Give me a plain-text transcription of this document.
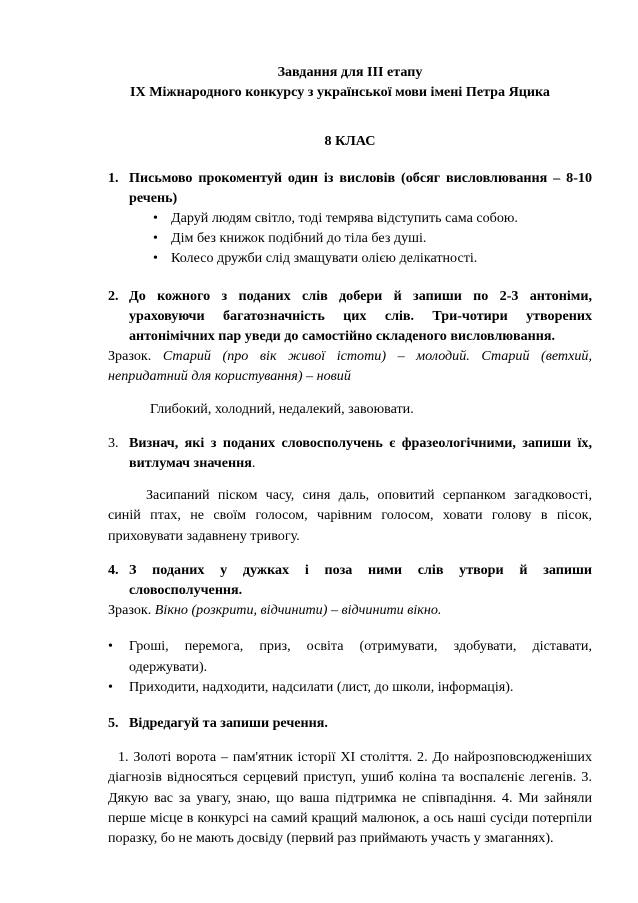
Завдання для ІІІ етапу
ІХ Міжнародного конкурсу з української мови імені Петра Яцика
8 КЛАС
1. Письмово прокоментуй один із висловів (обсяг висловлювання – 8-10 речень)
• Даруй людям світло, тоді темрява відступить сама собою.
• Дім без книжок подібний до тіла без душі.
• Колесо дружби слід змащувати олією делікатності.
2. До кожного з поданих слів добери й запиши по 2-3 антоніми, ураховуючи багатозначність цих слів. Три-чотири утворених антонімічних пар уведи до самостійно складеного висловлювання.
Зразок. Старий (про вік живої істоти) – молодий. Старий (ветхий, непридатний для користування) – новий
Глибокий, холодний, недалекий, завоювати.
3. Визнач, які з поданих словосполучень є фразеологічними, запиши їх, витлумач значення.
Засипаний піском часу, синя даль, оповитий серпанком загадковості, синій птах, не своїм голосом, чарівним голосом, ховати голову в пісок, приховувати задавнену тривогу.
4. З поданих у дужках і поза ними слів утвори й запиши словосполучення.
Зразок. Вікно (розкрити, відчинити) – відчинити вікно.
• Гроші, перемога, приз, освіта (отримувати, здобувати, діставати, одержувати).
• Приходити, надходити, надсилати (лист, до школи, інформація).
5. Відредагуй та запиши речення.
1. Золоті ворота – пам'ятник історії ХІ століття. 2. До найрозповсюдженіших діагнозів відносяться серцевий приступ, ушиб коліна та воспалєніє легенів. 3. Дякую вас за увагу, знаю, що ваша підтримка не співпадіння. 4. Ми зайняли перше місце в конкурсі на самий кращий малюнок, а ось наші сусіди потерпіли поразку, бо не мають досвіду (первий раз приймають участь у змаганнях).
